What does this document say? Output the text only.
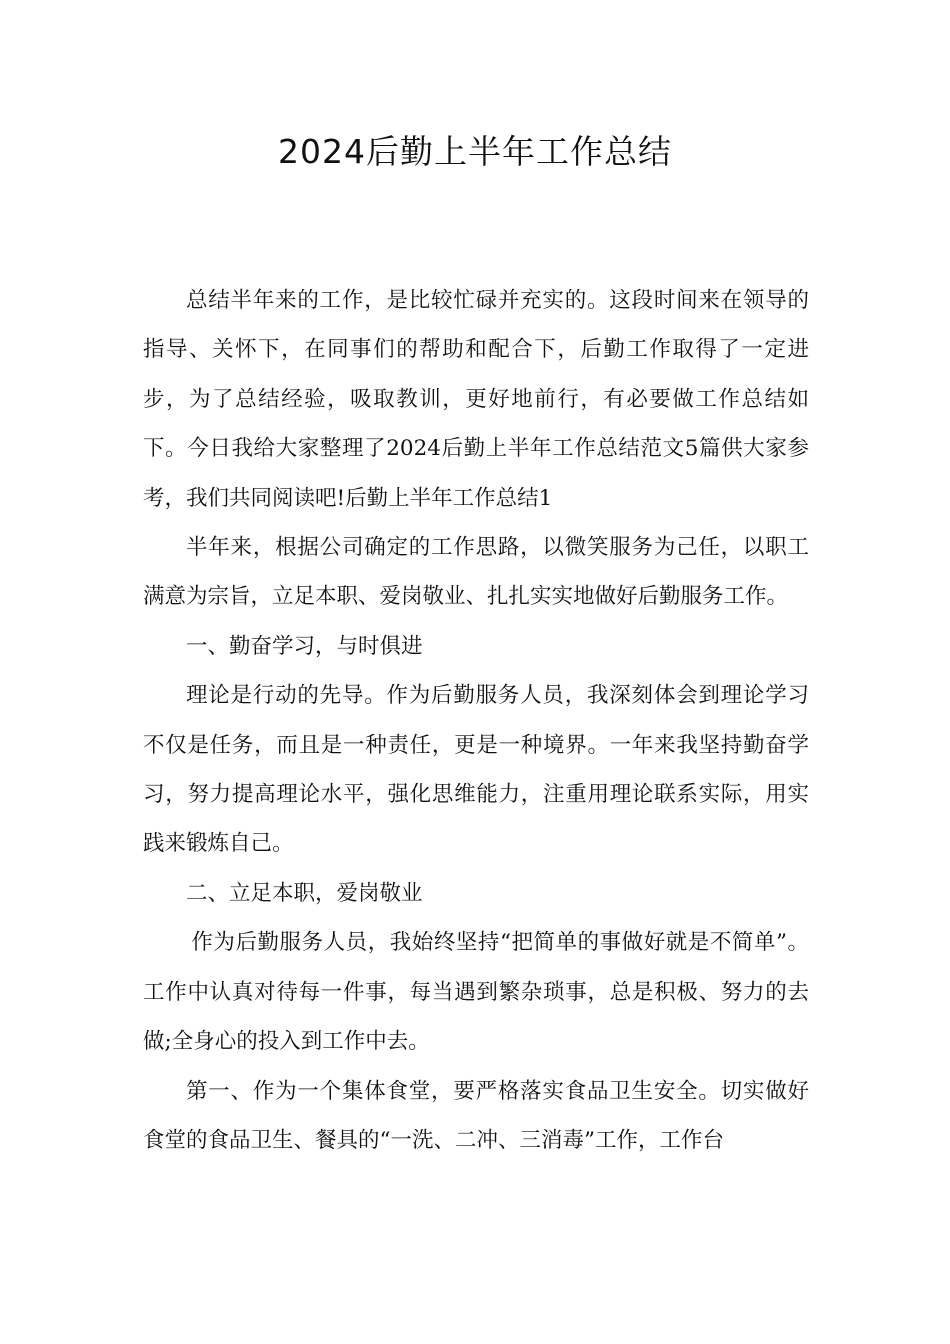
2024后勤上半年工作总结

总结半年来的工作，是比较忙碌并充实的。这段时间来在领导的指导、关怀下，在同事们的帮助和配合下，后勤工作取得了一定进步，为了总结经验，吸取教训，更好地前行，有必要做工作总结如下。今日我给大家整理了2024后勤上半年工作总结范文5篇供大家参考，我们共同阅读吧!后勤上半年工作总结1

半年来，根据公司确定的工作思路，以微笑服务为己任，以职工满意为宗旨，立足本职、爱岗敬业、扎扎实实地做好后勤服务工作。

一、勤奋学习，与时俱进

理论是行动的先导。作为后勤服务人员，我深刻体会到理论学习不仅是任务，而且是一种责任，更是一种境界。一年来我坚持勤奋学习，努力提高理论水平，强化思维能力，注重用理论联系实际，用实践来锻炼自己。

二、立足本职，爱岗敬业

作为后勤服务人员，我始终坚持“把简单的事做好就是不简单”。工作中认真对待每一件事，每当遇到繁杂琐事，总是积极、努力的去做;全身心的投入到工作中去。

第一、作为一个集体食堂，要严格落实食品卫生安全。切实做好食堂的食品卫生、餐具的“一洗、二冲、三消毒”工作，工作台
